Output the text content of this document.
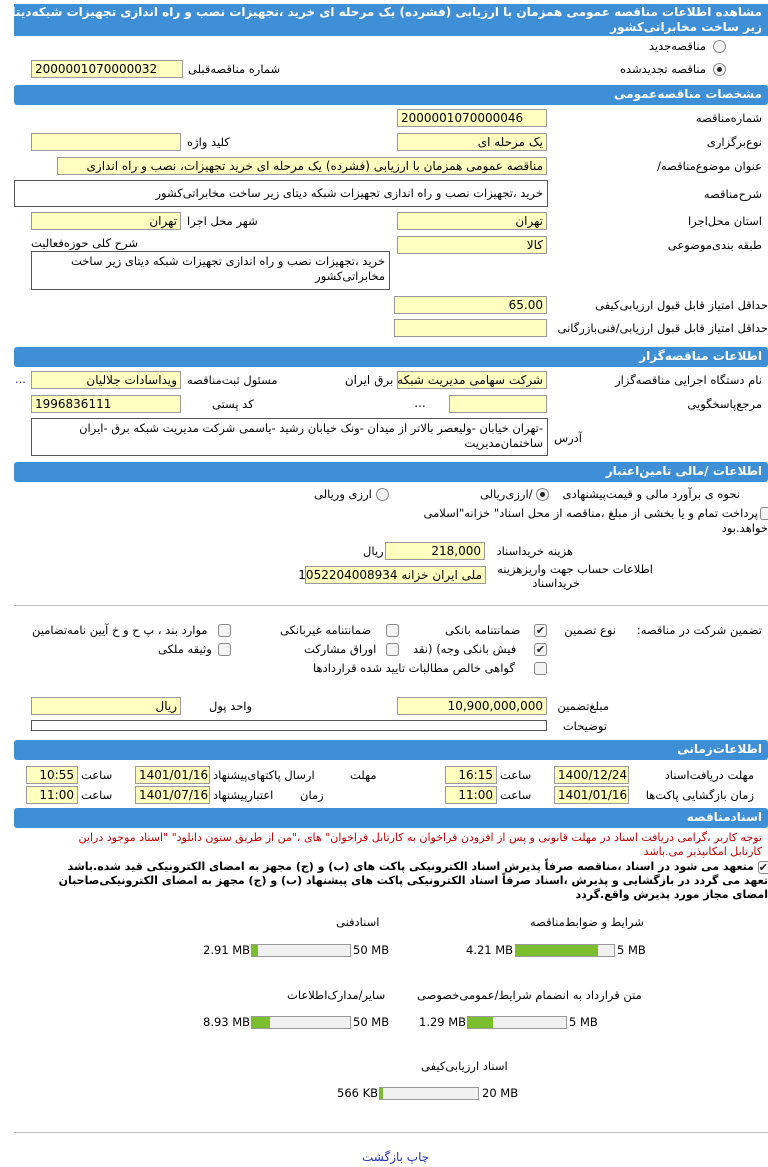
مشاهده اطلاعات مناقصه عمومی همزمان با ارزیابی (فشرده) یک مرحله ای خرید ،تجهیزات نصب و راه اندازی تجهیزات شبکه‌دیتای
زیر ساخت مخابراتی‌کشور
مناقصه‌جدید
مناقصه تجدیدشده
2000001070000032	شماره مناقصه‌قبلی
مشخصات مناقصه‌عمومی
2000001070000046	شماره‌مناقصه
یک مرحله ای	نوع‌برگزاری
کلید واژه
مناقصه عمومی همزمان با ارزیابی (فشرده) یک مرحله ای خرید تجهیزات، نصب و راه اندازی	عنوان موضوع‌مناقصه/
خرید ،تجهیزات نصب و راه اندازی تجهیزات شبکه دیتای زیر ساخت مخابراتی‌کشور	شرح‌مناقصه
تهران	استان محل‌اجرا
تهران شهر محل اجرا
کالا	طبقه بندی‌موضوعی
شرح کلی حوزه‌فعالیت
خرید ،تجهیزات نصب و راه اندازی تجهیزات شبکه دیتای زیر ساخت مخابراتی‌کشور
65.00	حداقل امتیاز قابل قبول ارزیابی‌کیفی
حداقل امتیاز قابل قبول ارزیابی/فنی‌بازرگانی
اطلاعات مناقصه‌گزار
شرکت سهامی مدیریت شبکه برق ایران	نام دستگاه اجرایی مناقصه‌گزار
ویداسادات جلالیان مسئول ثبت‌مناقصه
...
...	مرجع‌پاسخگویی
1996836111	کد پستی
-تهران خیابان -ولیعصر بالاتر از میدان -ونک خیابان رشید -یاسمی شرکت مدیریت شبکه برق -ایران ساختمان‌مدیریت آدرس
اطلاعات /مالی تامین‌اعتبار
نحوه ی برآورد مالی و قیمت‌پیشنهادی
/ارزی‌ریالی
ارزی وریالی
پرداخت تمام و یا بخشی از مبلغ ،مناقصه از محل اسناد" خزانه"اسلامی
خواهد.بود
218,000
ریال	هزینه خریداسناد
اطلاعات حساب جهت واریزهزینه
خریداسناد
ملی ایران خزانه 1052204008934
تضمین شرکت در مناقصه:
نوع تضمین
✔
ضمانتنامه بانکی
ضمانتنامه غیربانکی
موارد بند ، پ ح و خ آیین نامه‌تضامین
✔
فیش بانکی وجه) (نقد
اوراق مشارکت
وثیقه ملکی
گواهی خالص مطالبات تایید شده قراردادها
10,900,000,000	مبلغ‌تضمین
ریال	واحد پول
توضیحات
اطلاعات‌زمانی
1400/12/24	مهلت دریافت‌اسناد
16:15 ساعت
1401/01/16	مهلت
ارسال پاکتهای‌پیشنهاد
10:55 ساعت
1401/01/16 زمان بازگشایی پاکت‌ها
11:00 ساعت
1401/07/16	زمان
اعتبارپیشنهاد
11:00 ساعت
اسنادمناقصه
توجه کاربر ،گرامی دریافت اسناد در مهلت قانونی و پس از افزودن فراخوان به کارتابل فراخوان" های ،"من از طریق ستون دانلود" "اسناد موجود دراین
کارتابل امکانپذیر می.باشد
✔
متعهد می شود در اسناد ،مناقصه صرفاً پذیرش اسناد الکترونیکی پاکت های (ب) و (ج) مجهز به امضای الکترونیکی قید شده.باشد
تعهد می گردد در بازگشایی و پذیرش ،اسناد صرفاً اسناد الکترونیکی پاکت های پیشنهاد (ب) و (ج) مجهز به امضای الکترونیکی‌صاحبان
امضای مجاز مورد پذیرش واقع.گردد
شرایط و ضوابط‌مناقصه
4.21 MB	5 MB
اسنادفنی
2.91 MB	50 MB
متن قرارداد به انضمام شرایط/عمومی‌خصوصی
1.29 MB	5 MB
سایر/مدارک‌اطلاعات
8.93 MB	50 MB
اسناد ارزیابی‌کیفی
566 KB	20 MB
چاپ بازگشت
